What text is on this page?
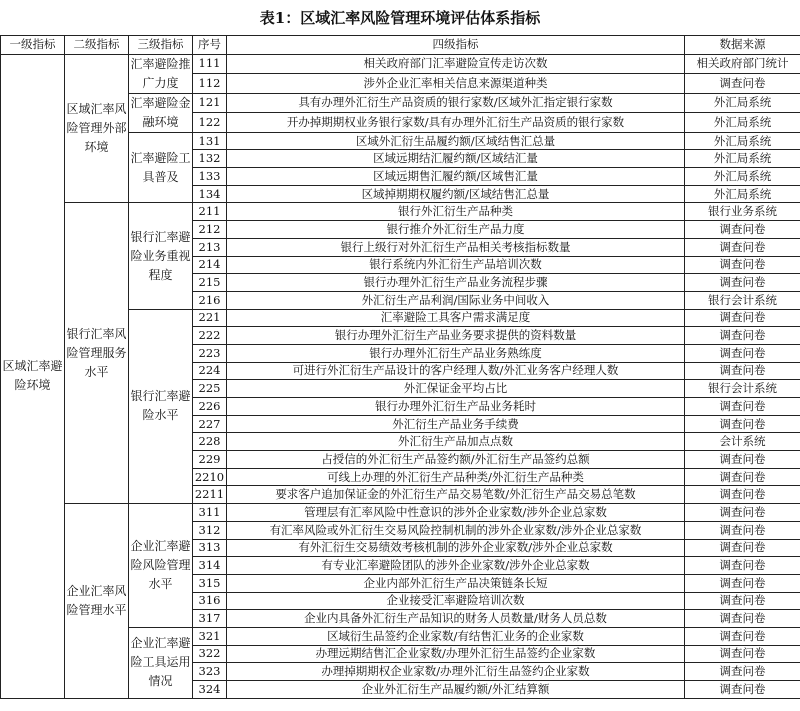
表1：区域汇率风险管理环境评估体系指标
一级指标	二级指标	三级指标	序号	四级指标	数据来源
区域汇率避险环境	区域汇率风险管理外部环境	汇率避险推广力度	111	相关政府部门汇率避险宣传走访次数	相关政府部门统计
			112	涉外企业汇率相关信息来源渠道种类	调查问卷
		汇率避险金融环境	121	具有办理外汇衍生产品资质的银行家数/区域外汇指定银行家数	外汇局系统
			122	开办掉期期权业务银行家数/具有办理外汇衍生产品资质的银行家数	外汇局系统
		汇率避险工具普及	131	区域外汇衍生品履约额/区域结售汇总量	外汇局系统
			132	区域远期结汇履约额/区域结汇量	外汇局系统
			133	区域远期售汇履约额/区域售汇量	外汇局系统
			134	区域掉期期权履约额/区域结售汇总量	外汇局系统
	银行汇率风险管理服务水平	银行汇率避险业务重视程度	211	银行外汇衍生产品种类	银行业务系统
			212	银行推介外汇衍生产品力度	调查问卷
			213	银行上级行对外汇衍生产品相关考核指标数量	调查问卷
			214	银行系统内外汇衍生产品培训次数	调查问卷
			215	银行办理外汇衍生产品业务流程步骤	调查问卷
			216	外汇衍生产品利润/国际业务中间收入	银行会计系统
		银行汇率避险水平	221	汇率避险工具客户需求满足度	调查问卷
			222	银行办理外汇衍生产品业务要求提供的资料数量	调查问卷
			223	银行办理外汇衍生产品业务熟练度	调查问卷
			224	可进行外汇衍生产品设计的客户经理人数/外汇业务客户经理人数	调查问卷
			225	外汇保证金平均占比	银行会计系统
			226	银行办理外汇衍生产品业务耗时	调查问卷
			227	外汇衍生产品业务手续费	调查问卷
			228	外汇衍生产品加点点数	会计系统
			229	占授信的外汇衍生产品签约额/外汇衍生产品签约总额	调查问卷
			2210	可线上办理的外汇衍生产品种类/外汇衍生产品种类	调查问卷
			2211	要求客户追加保证金的外汇衍生产品交易笔数/外汇衍生产品交易总笔数	调查问卷
	企业汇率风险管理水平	企业汇率避险风险管理水平	311	管理层有汇率风险中性意识的涉外企业家数/涉外企业总家数	调查问卷
			312	有汇率风险或外汇衍生交易风险控制机制的涉外企业家数/涉外企业总家数	调查问卷
			313	有外汇衍生交易绩效考核机制的涉外企业家数/涉外企业总家数	调查问卷
			314	有专业汇率避险团队的涉外企业家数/涉外企业总家数	调查问卷
			315	企业内部外汇衍生产品决策链条长短	调查问卷
			316	企业接受汇率避险培训次数	调查问卷
			317	企业内具备外汇衍生产品知识的财务人员数量/财务人员总数	调查问卷
		企业汇率避险工具运用情况	321	区域衍生品签约企业家数/有结售汇业务的企业家数	调查问卷
			322	办理远期结售汇企业家数/办理外汇衍生品签约企业家数	调查问卷
			323	办理掉期期权企业家数/办理外汇衍生品签约企业家数	调查问卷
			324	企业外汇衍生产品履约额/外汇结算额	调查问卷
